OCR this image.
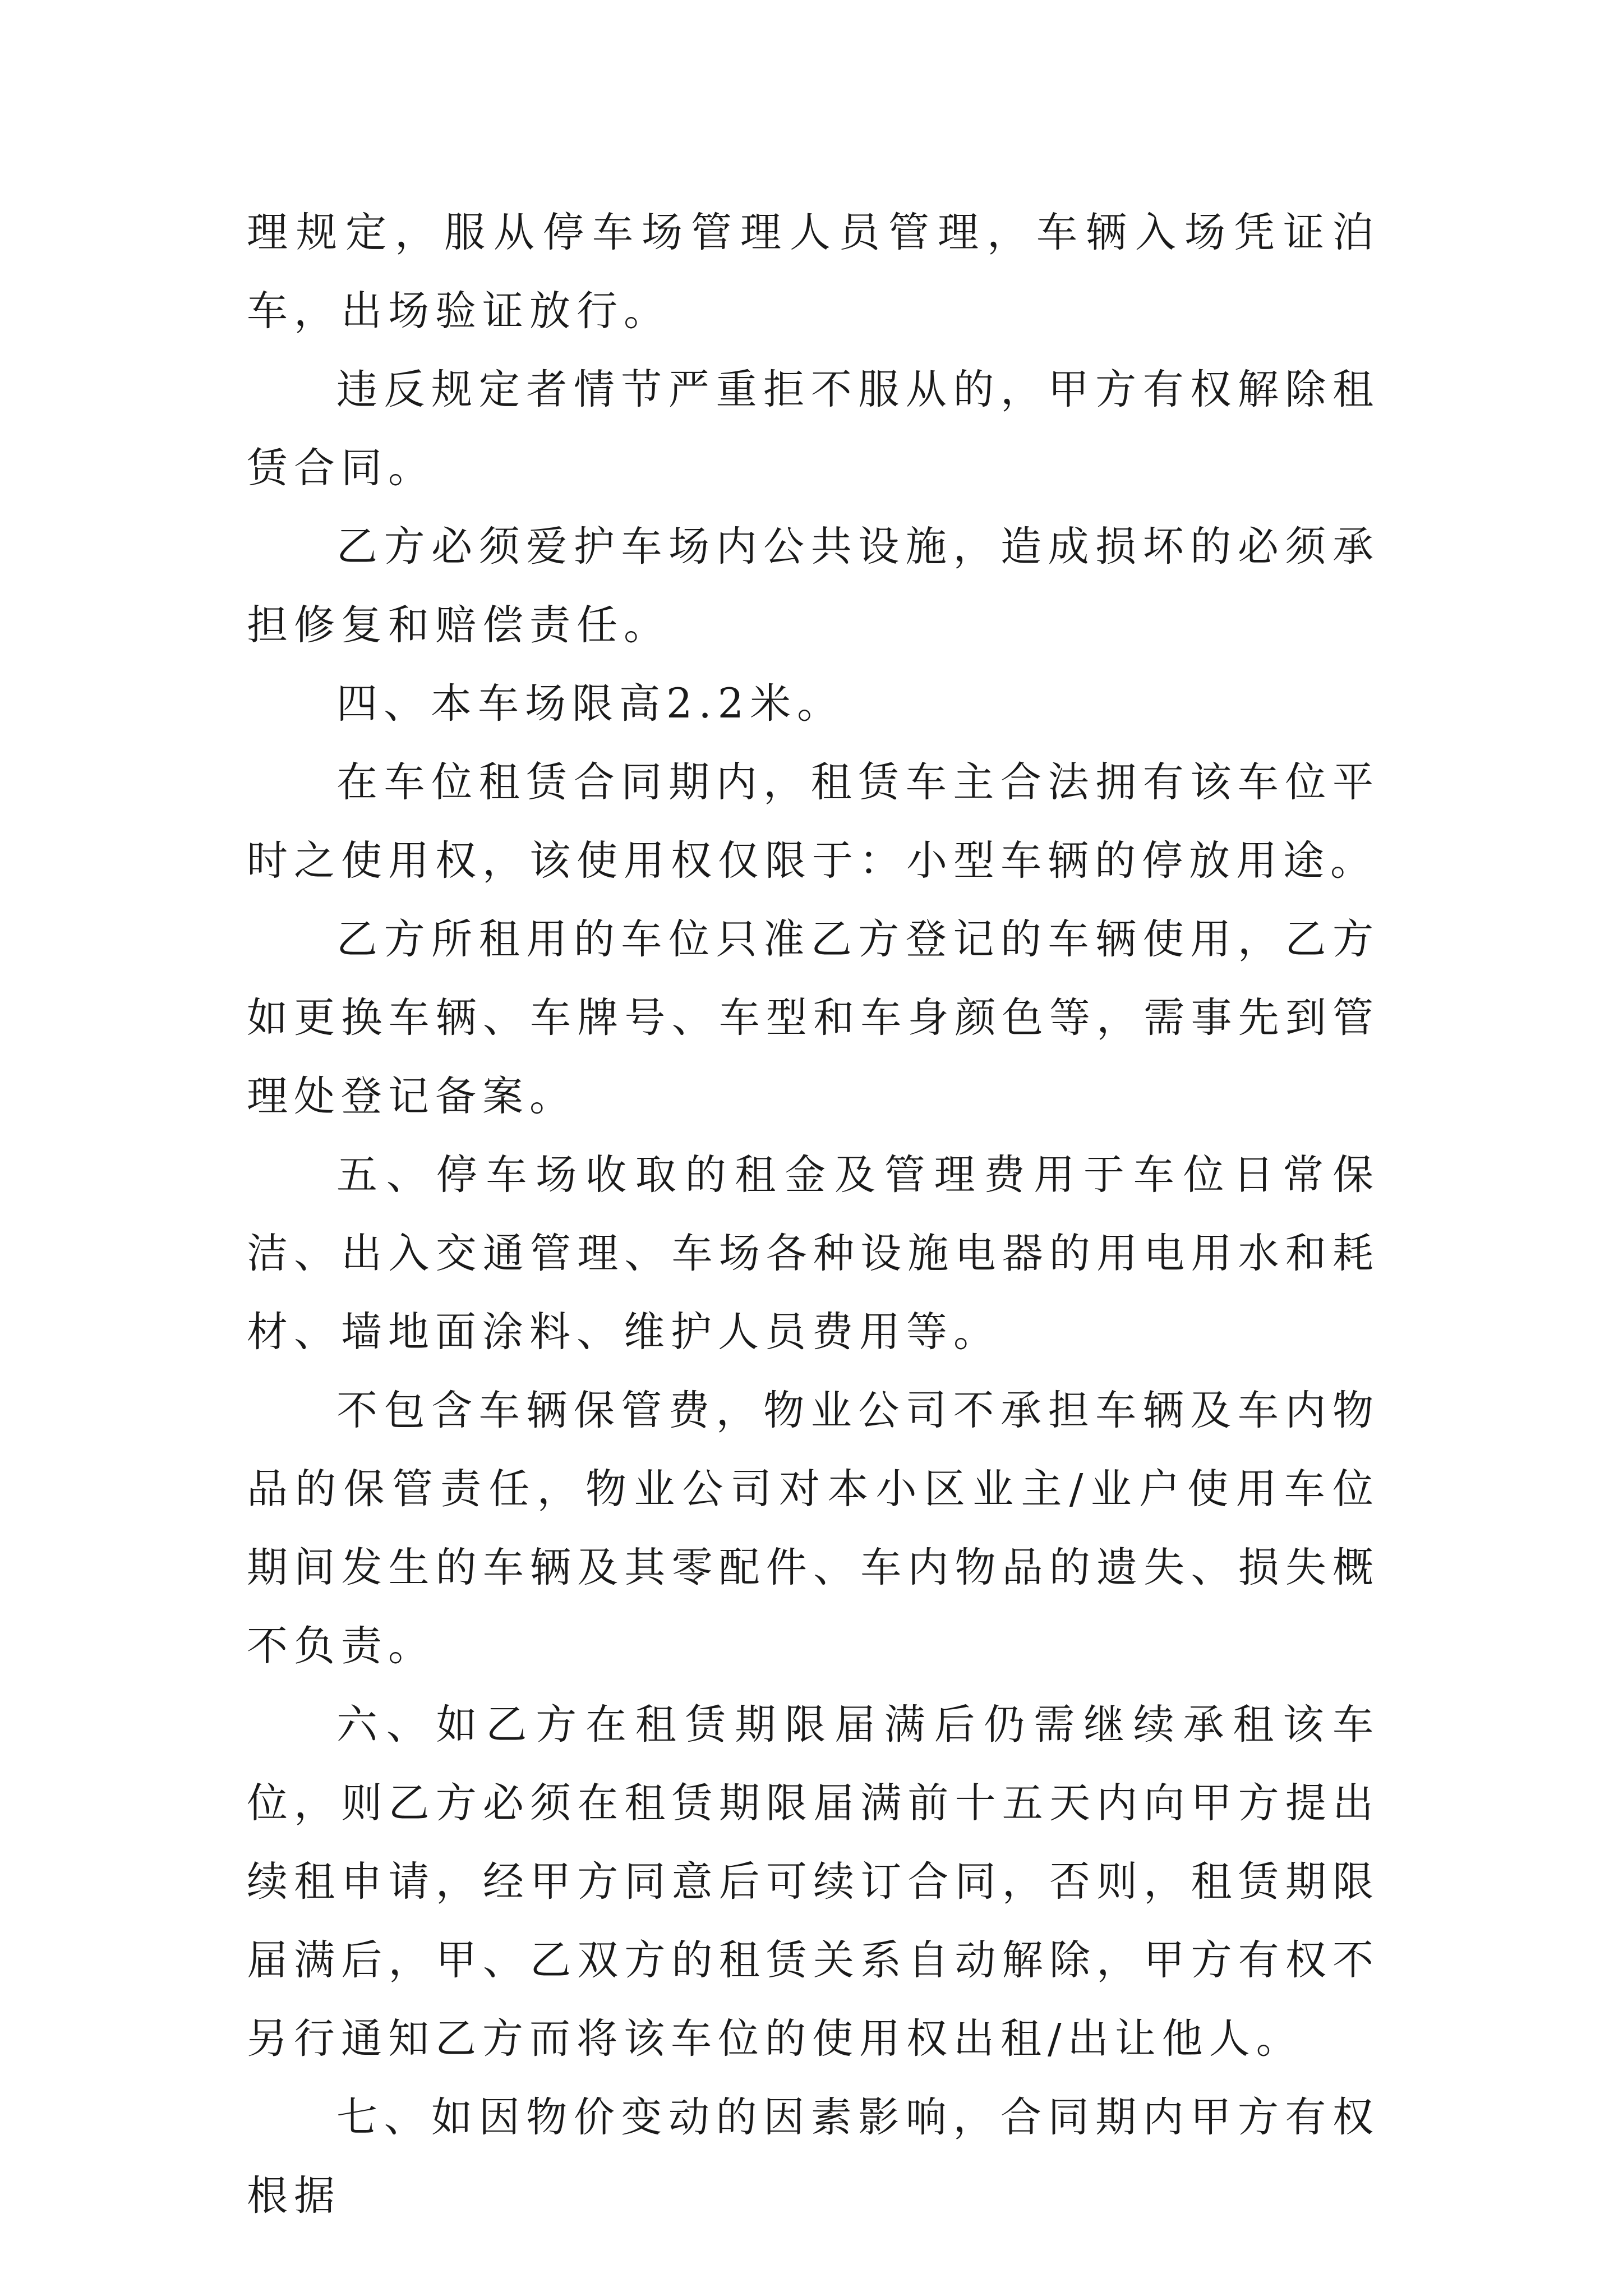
理规定，服从停车场管理人员管理，车辆入场凭证泊车，出场验证放行。

违反规定者情节严重拒不服从的，甲方有权解除租赁合同。

乙方必须爱护车场内公共设施，造成损坏的必须承担修复和赔偿责任。

四、本车场限高2.2米。

在车位租赁合同期内，租赁车主合法拥有该车位平时之使用权，该使用权仅限于：小型车辆的停放用途。

乙方所租用的车位只准乙方登记的车辆使用，乙方如更换车辆、车牌号、车型和车身颜色等，需事先到管理处登记备案。

五、停车场收取的租金及管理费用于车位日常保洁、出入交通管理、车场各种设施电器的用电用水和耗材、墙地面涂料、维护人员费用等。

不包含车辆保管费，物业公司不承担车辆及车内物品的保管责任，物业公司对本小区业主/业户使用车位期间发生的车辆及其零配件、车内物品的遗失、损失概不负责。

六、如乙方在租赁期限届满后仍需继续承租该车位，则乙方必须在租赁期限届满前十五天内向甲方提出续租申请，经甲方同意后可续订合同，否则，租赁期限届满后，甲、乙双方的租赁关系自动解除，甲方有权不另行通知乙方而将该车位的使用权出租/出让他人。

七、如因物价变动的因素影响，合同期内甲方有权根据
